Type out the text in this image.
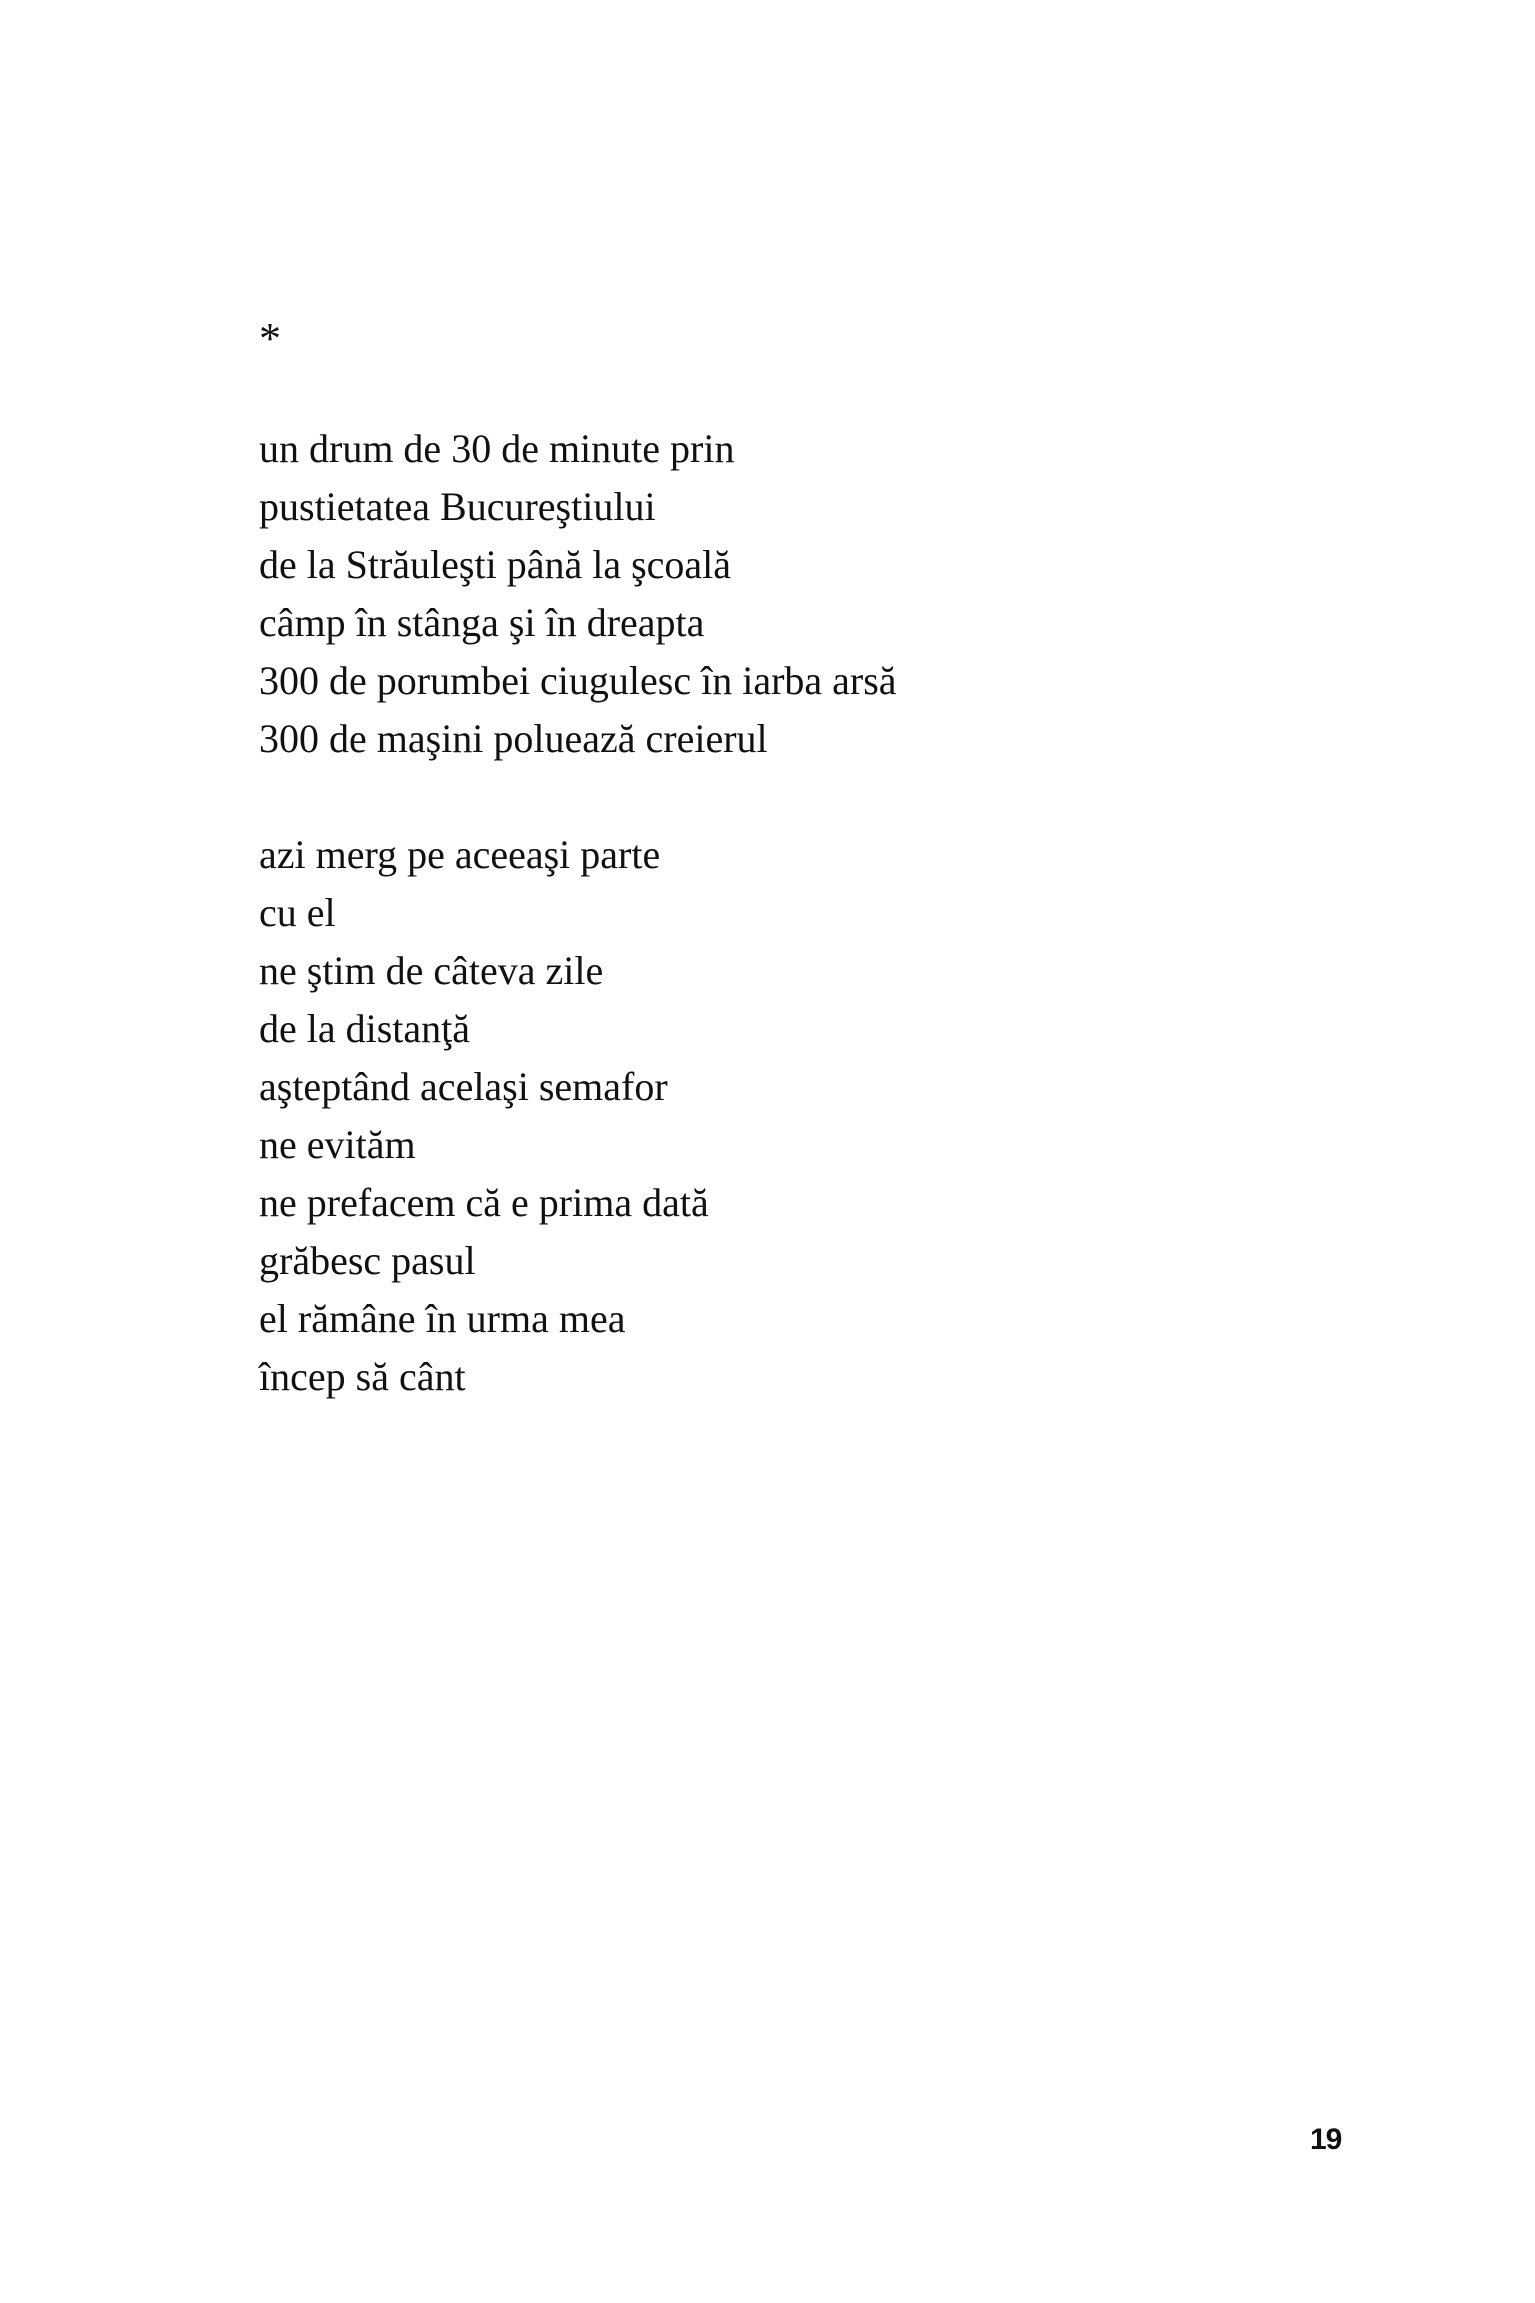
*
un drum de 30 de minute prin
pustietatea Bucureştiului
de la Străuleşti până la şcoală
câmp în stânga şi în dreapta
300 de porumbei ciugulesc în iarba arsă
300 de maşini poluează creierul
azi merg pe aceeaşi parte
cu el
ne ştim de câteva zile
de la distanţă
aşteptând acelaşi semafor
ne evităm
ne prefacem că e prima dată
grăbesc pasul
el rămâne în urma mea
încep să cânt
19
